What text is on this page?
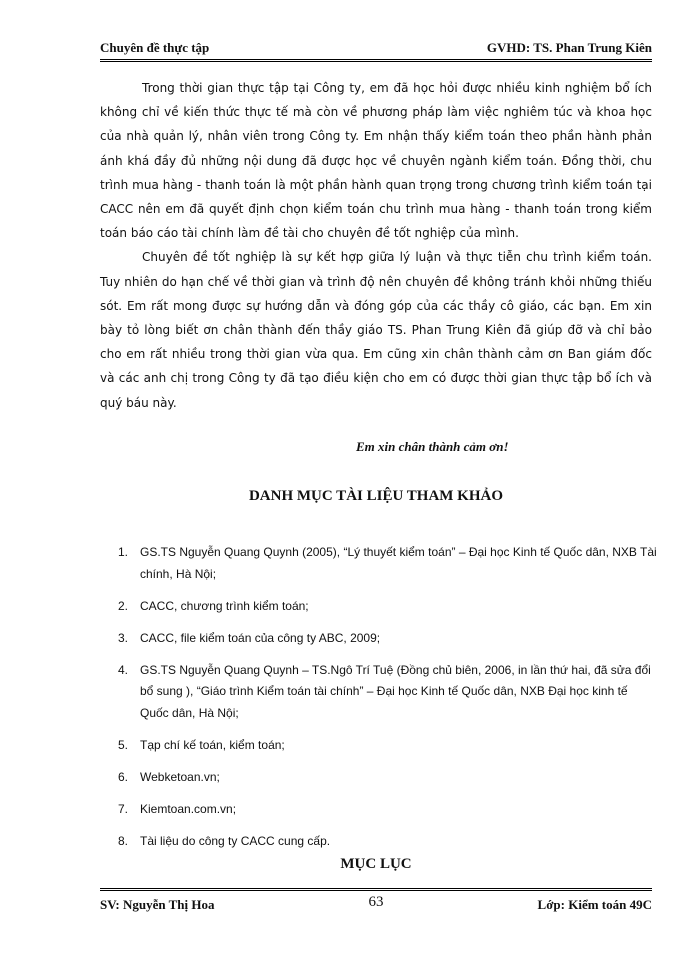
Chuyên đề thực tập	GVHD: TS. Phan Trung Kiên

Trong thời gian thực tập tại Công ty, em đã học hỏi được nhiều kinh nghiệm bổ ích không chỉ về kiến thức thực tế mà còn về phương pháp làm việc nghiêm túc và khoa học của nhà quản lý, nhân viên trong Công ty. Em nhận thấy kiểm toán theo phần hành phản ánh khá đầy đủ những nội dung đã được học về chuyên ngành kiểm toán. Đồng thời, chu trình mua hàng - thanh toán là một phần hành quan trọng trong chương trình kiểm toán tại CACC nên em đã quyết định chọn kiểm toán chu trình mua hàng - thanh toán trong kiểm toán báo cáo tài chính làm đề tài cho chuyên đề tốt nghiệp của mình.

Chuyên đề tốt nghiệp là sự kết hợp giữa lý luận và thực tiễn chu trình kiểm toán. Tuy nhiên do hạn chế về thời gian và trình độ nên chuyên đề không tránh khỏi những thiếu sót. Em rất mong được sự hướng dẫn và đóng góp của các thầy cô giáo, các bạn. Em xin bày tỏ lòng biết ơn chân thành đến thầy giáo TS. Phan Trung Kiên đã giúp đỡ và chỉ bảo cho em rất nhiều trong thời gian vừa qua. Em cũng xin chân thành cảm ơn Ban giám đốc và các anh chị trong Công ty đã tạo điều kiện cho em có được thời gian thực tập bổ ích và quý báu này.

Em xin chân thành cảm ơn!
DANH MỤC TÀI LIỆU THAM KHẢO
1. GS.TS Nguyễn Quang Quynh (2005), “Lý thuyết kiểm toán” – Đại học Kinh tế Quốc dân, NXB Tài chính, Hà Nội;
2. CACC, chương trình kiểm toán;
3. CACC, file kiểm toán của công ty ABC, 2009;
4. GS.TS Nguyễn Quang Quynh – TS.Ngô Trí Tuệ (Đồng chủ biên, 2006, in lần thứ hai, đã sửa đổi bổ sung ), “Giáo trình Kiểm toán tài chính” – Đại học Kinh tế Quốc dân, NXB Đại học kinh tế Quốc dân, Hà Nội;
5. Tạp chí kế toán, kiểm toán;
6. Webketoan.vn;
7. Kiemtoan.com.vn;
8. Tài liệu do công ty CACC cung cấp.
MỤC LỤC
SV: Nguyễn Thị Hoa	63	Lớp: Kiểm toán 49C
